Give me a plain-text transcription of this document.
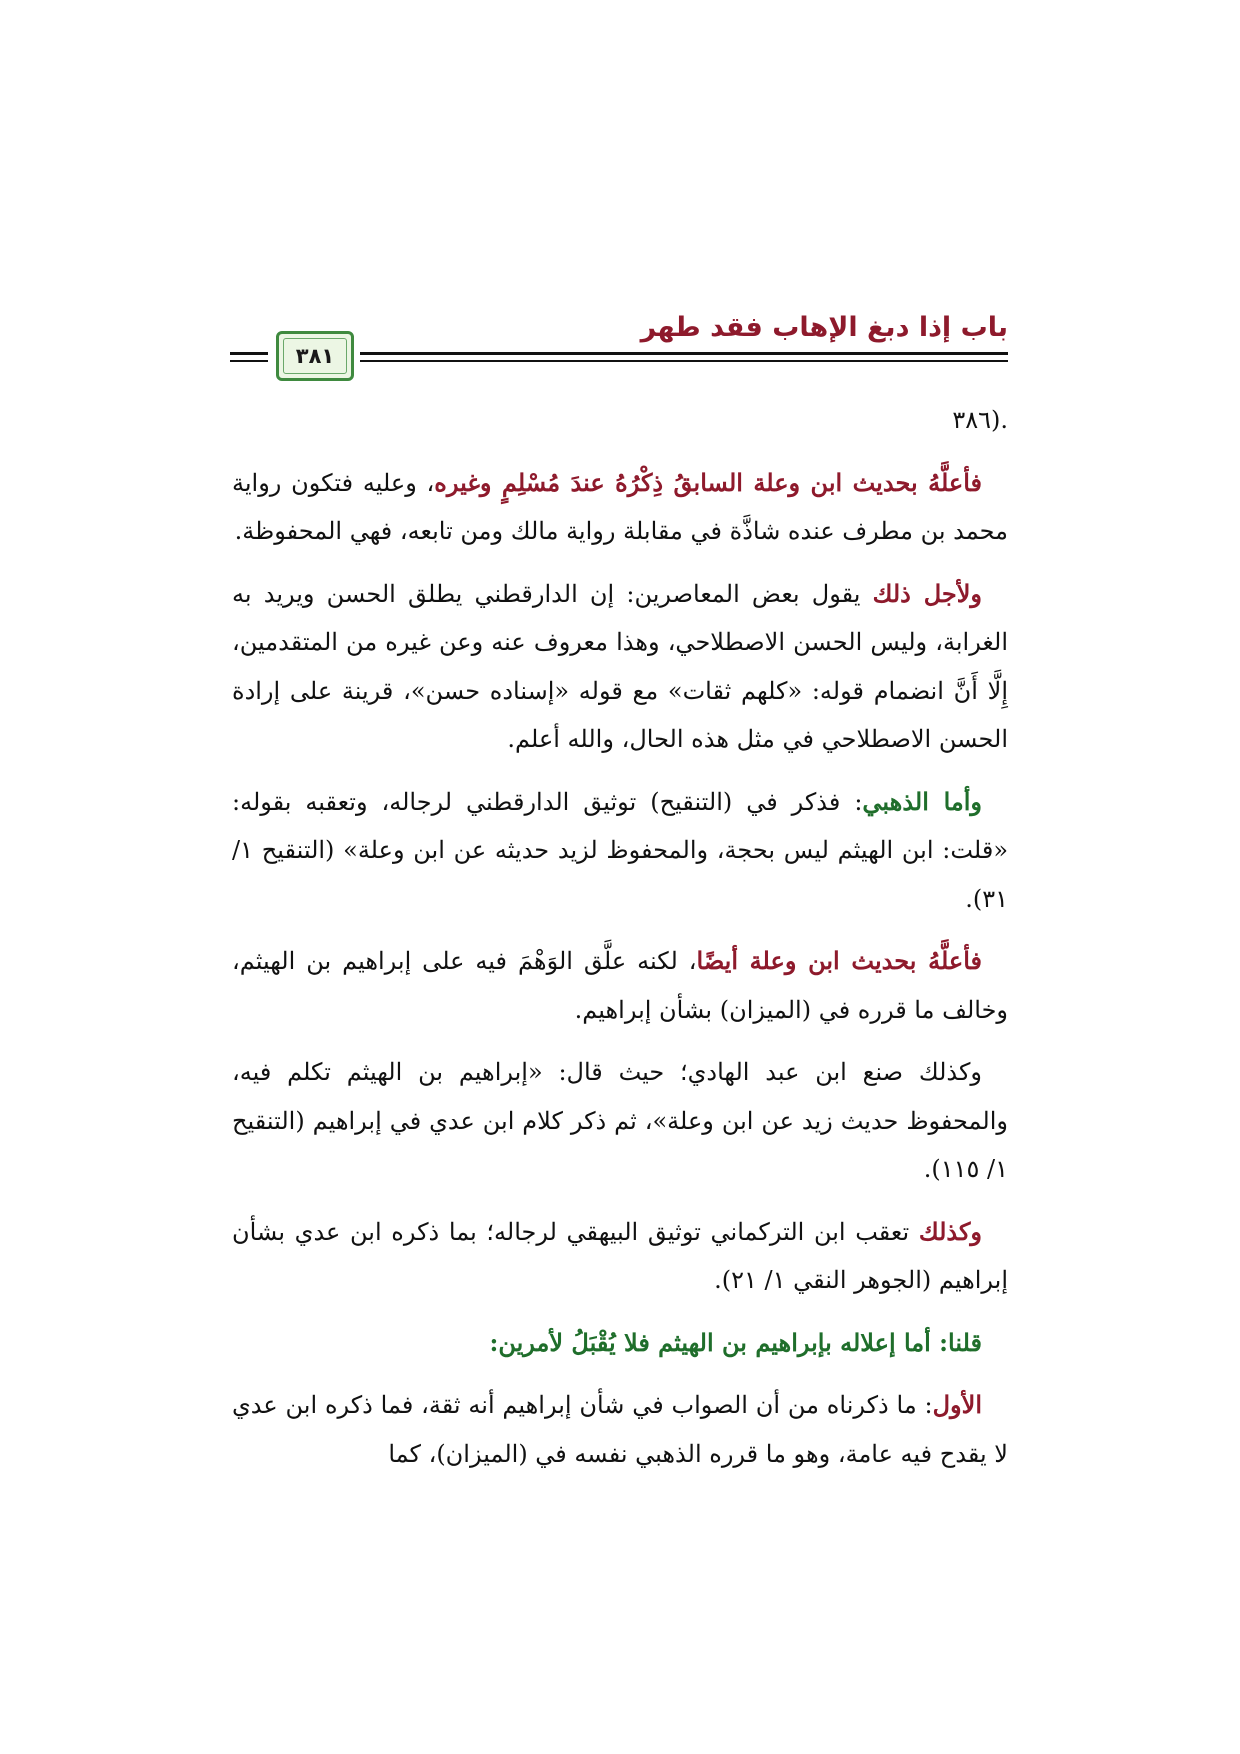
باب إذا دبغ الإهاب فقد طهر
٣٨١

.(٣٨٦

فأعلَّهُ بحديث ابن وعلة السابقُ ذِكْرُهُ عندَ مُسْلِمٍ وغيره، وعليه فتكون رواية محمد بن مطرف عنده شاذَّة في مقابلة رواية مالك ومن تابعه، فهي المحفوظة.

ولأجل ذلك يقول بعض المعاصرين: إن الدارقطني يطلق الحسن ويريد به الغرابة، وليس الحسن الاصطلاحي، وهذا معروف عنه وعن غيره من المتقدمين، إِلَّا أَنَّ انضمام قوله: «كلهم ثقات» مع قوله «إسناده حسن»، قرينة على إرادة الحسن الاصطلاحي في مثل هذه الحال، والله أعلم.

وأما الذهبي: فذكر في (التنقيح) توثيق الدارقطني لرجاله، وتعقبه بقوله: «قلت: ابن الهيثم ليس بحجة، والمحفوظ لزيد حديثه عن ابن وعلة» (التنقيح ١/ ٣١).

فأعلَّهُ بحديث ابن وعلة أيضًا، لكنه علَّق الوَهْمَ فيه على إبراهيم بن الهيثم، وخالف ما قرره في (الميزان) بشأن إبراهيم.

وكذلك صنع ابن عبد الهادي؛ حيث قال: «إبراهيم بن الهيثم تكلم فيه، والمحفوظ حديث زيد عن ابن وعلة»، ثم ذكر كلام ابن عدي في إبراهيم (التنقيح ١/ ١١٥).

وكذلك تعقب ابن التركماني توثيق البيهقي لرجاله؛ بما ذكره ابن عدي بشأن إبراهيم (الجوهر النقي ١/ ٢١).

قلنا: أما إعلاله بإبراهيم بن الهيثم فلا يُقْبَلُ لأمرين:

الأول: ما ذكرناه من أن الصواب في شأن إبراهيم أنه ثقة، فما ذكره ابن عدي لا يقدح فيه عامة، وهو ما قرره الذهبي نفسه في (الميزان)، كما
